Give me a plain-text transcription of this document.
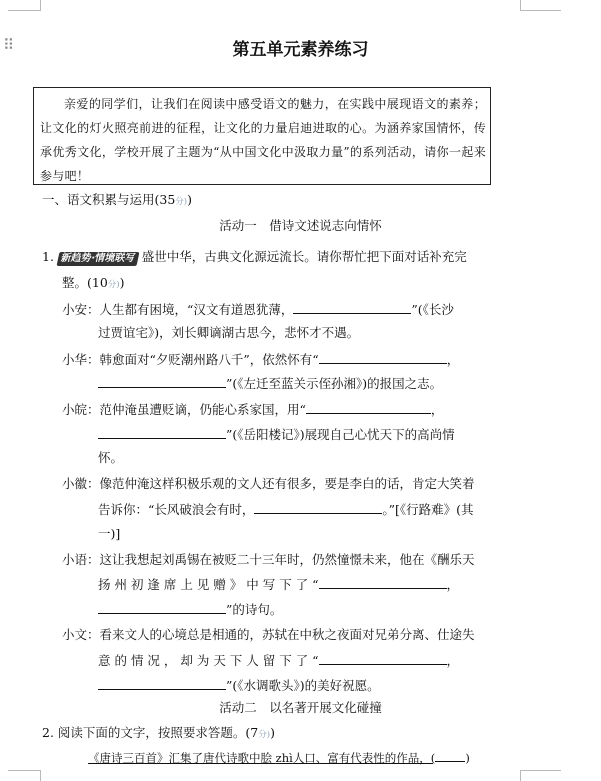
⠿	第五单元素养练习
亲爱的同学们，让我们在阅读中感受语文的魅力，在实践中展现语文的素养；让文化的灯火照亮前进的征程，让文化的力量启迪进取的心。为涵养家国情怀，传承优秀文化，学校开展了主题为“从中国文化中汲取力量”的系列活动，请你一起来参与吧！
一、语文积累与运用(35分))
活动一　借诗文述说志向情怀
1. 新趋势·情境联写 盛世中华，古典文化源远流长。请你帮忙把下面对话补充完
整。(10分))
小安：人生都有困境，“汉文有道恩犹薄，	”(《长沙
过贾谊宅》)，刘长卿谪湖古思今，悲怀才不遇。
小华：韩愈面对“夕贬潮州路八千”，依然怀有“	，
”(《左迁至蓝关示侄孙湘》)的报国之志。
小皖：范仲淹虽遭贬谪，仍能心系家国，用“	，
”(《岳阳楼记》)展现自己心忧天下的高尚情
怀。
小徽：像范仲淹这样积极乐观的文人还有很多，要是李白的话，肯定大笑着
告诉你：“长风破浪会有时，	。”[《行路难》(其
一)]
小语：这让我想起刘禹锡在被贬二十三年时，仍然憧憬未来，他在《酬乐天
扬 州 初 逢 席 上 见 赠 》 中 写 下 了 “	，
”的诗句。
小文：看来文人的心境总是相通的，苏轼在中秋之夜面对兄弟分离、仕途失
意 的 情 况 ， 却 为 天 下 人 留 下 了 “	，
”(《水调歌头》)的美好祝愿。
活动二　以名著开展文化碰撞
2. 阅读下面的文字，按照要求答题。(7分))
《唐诗三百首》汇集了唐代诗歌中脍 zhì人口、富有代表性的作品，(	)
